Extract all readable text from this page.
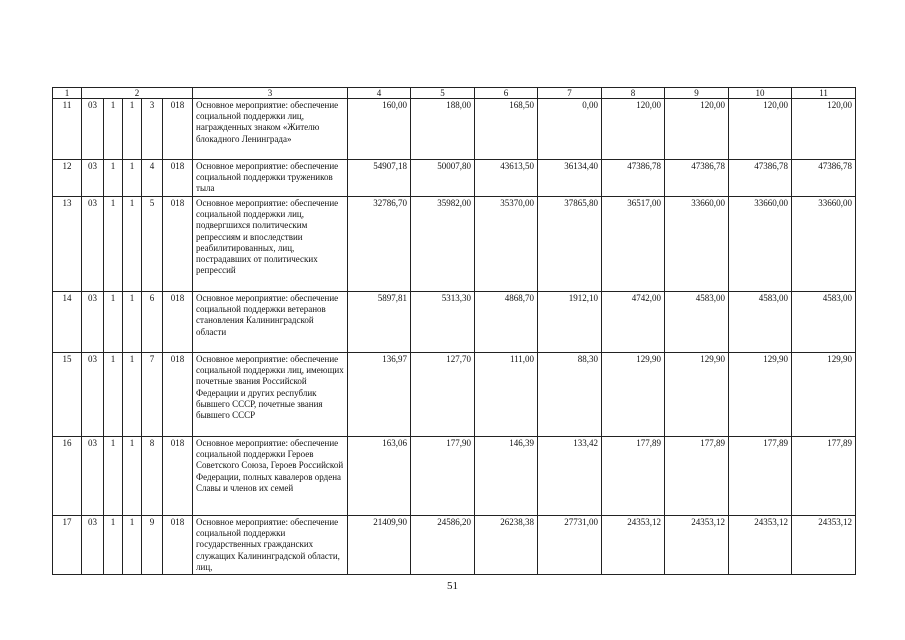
1	2					3	4	5	6	7	8	9	10	11
11	03	1	1	3	018	Основное мероприятие: обеспечение социальной поддержки лиц, награжденных знаком «Жителю блокадного Ленинграда»	160,00	188,00	168,50	0,00	120,00	120,00	120,00	120,00
12	03	1	1	4	018	Основное мероприятие: обеспечение социальной поддержки тружеников тыла	54907,18	50007,80	43613,50	36134,40	47386,78	47386,78	47386,78	47386,78
13	03	1	1	5	018	Основное мероприятие: обеспечение социальной поддержки лиц, подвергшихся политическим репрессиям и впоследствии реабилитированных, лиц, пострадавших от политических репрессий	32786,70	35982,00	35370,00	37865,80	36517,00	33660,00	33660,00	33660,00
14	03	1	1	6	018	Основное мероприятие: обеспечение социальной поддержки ветеранов становления Калининградской области	5897,81	5313,30	4868,70	1912,10	4742,00	4583,00	4583,00	4583,00
15	03	1	1	7	018	Основное мероприятие: обеспечение социальной поддержки лиц, имеющих почетные звания Российской Федерации и других республик бывшего СССР, почетные звания бывшего СССР	136,97	127,70	111,00	88,30	129,90	129,90	129,90	129,90
16	03	1	1	8	018	Основное мероприятие: обеспечение социальной поддержки Героев Советского Союза, Героев Российской Федерации, полных кавалеров ордена Славы и членов их семей	163,06	177,90	146,39	133,42	177,89	177,89	177,89	177,89
17	03	1	1	9	018	Основное мероприятие: обеспечение социальной поддержки государственных гражданских служащих Калининградской области, лиц,	21409,90	24586,20	26238,38	27731,00	24353,12	24353,12	24353,12	24353,12
51
